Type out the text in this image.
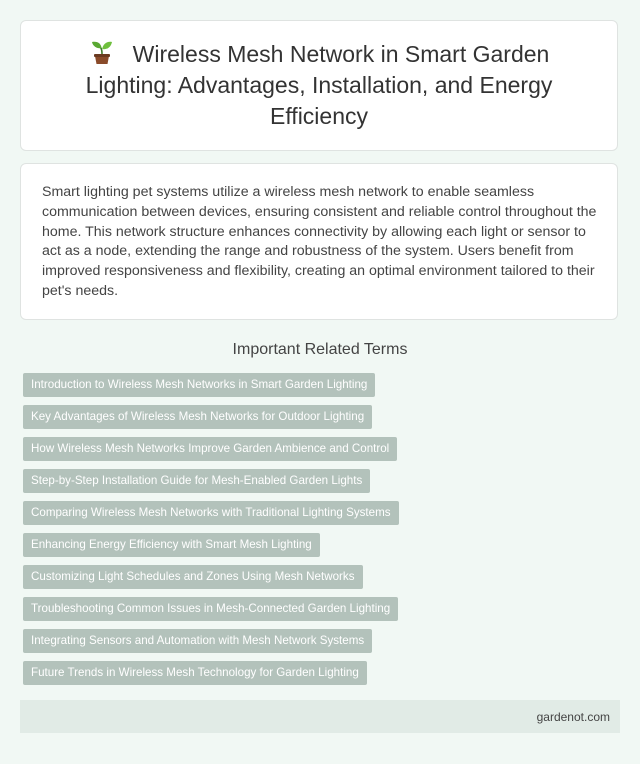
Wireless Mesh Network in Smart Garden Lighting: Advantages, Installation, and Energy Efficiency

Smart lighting pet systems utilize a wireless mesh network to enable seamless communication between devices, ensuring consistent and reliable control throughout the home. This network structure enhances connectivity by allowing each light or sensor to act as a node, extending the range and robustness of the system. Users benefit from improved responsiveness and flexibility, creating an optimal environment tailored to their pet's needs.

Important Related Terms
Introduction to Wireless Mesh Networks in Smart Garden Lighting
Key Advantages of Wireless Mesh Networks for Outdoor Lighting
How Wireless Mesh Networks Improve Garden Ambience and Control
Step-by-Step Installation Guide for Mesh-Enabled Garden Lights
Comparing Wireless Mesh Networks with Traditional Lighting Systems
Enhancing Energy Efficiency with Smart Mesh Lighting
Customizing Light Schedules and Zones Using Mesh Networks
Troubleshooting Common Issues in Mesh-Connected Garden Lighting
Integrating Sensors and Automation with Mesh Network Systems
Future Trends in Wireless Mesh Technology for Garden Lighting
gardenot.com
